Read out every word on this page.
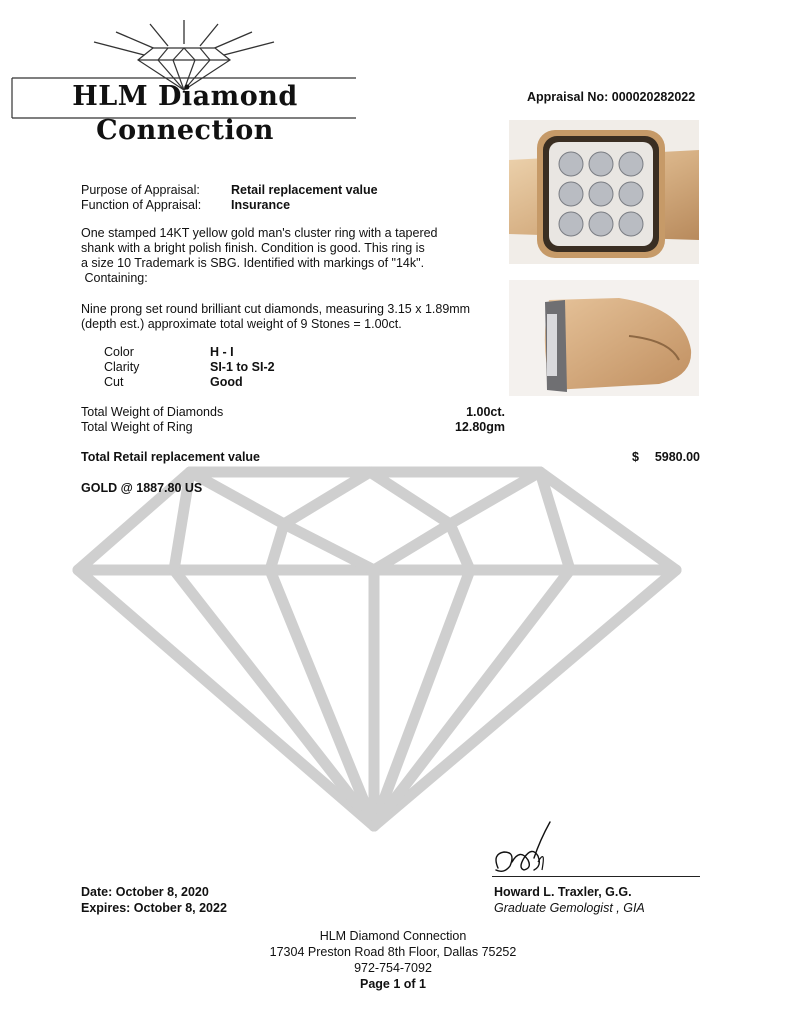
HLM Diamond Connection
Appraisal No: 000020282022
Purpose of Appraisal: Retail replacement value
Function of Appraisal: Insurance
One stamped 14KT yellow gold man's cluster ring with a tapered
shank with a bright polish finish. Condition is good. This ring is
a size 10 Trademark is SBG. Identified with markings of "14k".
Containing:
Nine prong set round brilliant cut diamonds, measuring 3.15 x 1.89mm
(depth est.) approximate total weight of 9 Stones = 1.00ct.
Color	H - I
Clarity	SI-1 to SI-2
Cut	Good
Total Weight of Diamonds	1.00ct.
Total Weight of Ring	12.80gm
Total Retail replacement value	$	5980.00
GOLD @ 1887.80 US
Date: October 8, 2020
Expires: October 8, 2022
Howard L. Traxler, G.G.
Graduate Gemologist , GIA
HLM Diamond Connection
17304 Preston Road 8th Floor, Dallas 75252
972-754-7092
Page 1 of 1
